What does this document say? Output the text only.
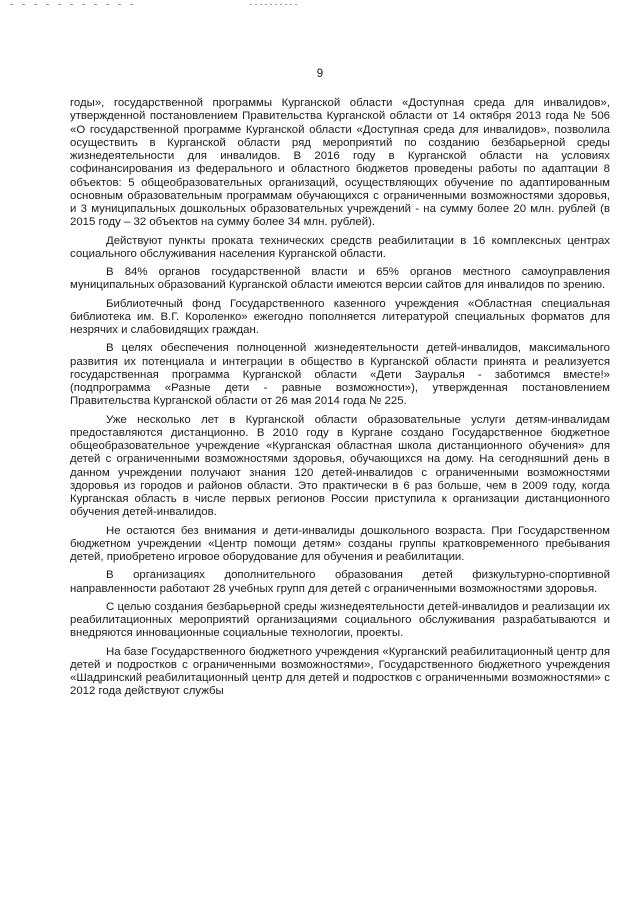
9

годы», государственной программы Курганской области «Доступная среда для инвалидов», утвержденной постановлением Правительства Курганской области от 14 октября 2013 года № 506 «О государственной программе Курганской области «Доступная среда для инвалидов», позволила осуществить в Курганской области ряд мероприятий по созданию безбарьерной среды жизнедеятельности для инвалидов. В 2016 году в Курганской области на условиях софинансирования из федерального и областного бюджетов проведены работы по адаптации 8 объектов: 5 общеобразовательных организаций, осуществляющих обучение по адаптированным основным образовательным программам обучающихся с ограниченными возможностями здоровья, и 3 муниципальных дошкольных образовательных учреждений - на сумму более 20 млн. рублей (в 2015 году – 32 объектов на сумму более 34 млн. рублей).

Действуют пункты проката технических средств реабилитации в 16 комплексных центрах социального обслуживания населения Курганской области.

В 84% органов государственной власти и 65% органов местного самоуправления муниципальных образований Курганской области имеются версии сайтов для инвалидов по зрению.

Библиотечный фонд Государственного казенного учреждения «Областная специальная библиотека им. В.Г. Короленко» ежегодно пополняется литературой специальных форматов для незрячих и слабовидящих граждан.

В целях обеспечения полноценной жизнедеятельности детей-инвалидов, максимального развития их потенциала и интеграции в общество в Курганской области принята и реализуется государственная программа Курганской области «Дети Зауралья - заботимся вместе!» (подпрограмма «Разные дети - равные возможности»), утвержденная постановлением Правительства Курганской области от 26 мая 2014 года № 225.

Уже несколько лет в Курганской области образовательные услуги детям-инвалидам предоставляются дистанционно. В 2010 году в Кургане создано Государственное бюджетное общеобразовательное учреждение «Курганская областная школа дистанционного обучения» для детей с ограниченными возможностями здоровья, обучающихся на дому. На сегодняшний день в данном учреждении получают знания 120 детей-инвалидов с ограниченными возможностями здоровья из городов и районов области. Это практически в 6 раз больше, чем в 2009 году, когда Курганская область в числе первых регионов России приступила к организации дистанционного обучения детей-инвалидов.

Не остаются без внимания и дети-инвалиды дошкольного возраста. При Государственном бюджетном учреждении «Центр помощи детям» созданы группы кратковременного пребывания детей, приобретено игровое оборудование для обучения и реабилитации.

В организациях дополнительного образования детей физкультурно-спортивной направленности работают 28 учебных групп для детей с ограниченными возможностями здоровья.

С целью создания безбарьерной среды жизнедеятельности детей-инвалидов и реализации их реабилитационных мероприятий организациями социального обслуживания разрабатываются и внедряются инновационные социальные технологии, проекты.

На базе Государственного бюджетного учреждения «Курганский реабилитационный центр для детей и подростков с ограниченными возможностями», Государственного бюджетного учреждения «Шадринский реабилитационный центр для детей и подростков с ограниченными возможностями» с 2012 года действуют службы
